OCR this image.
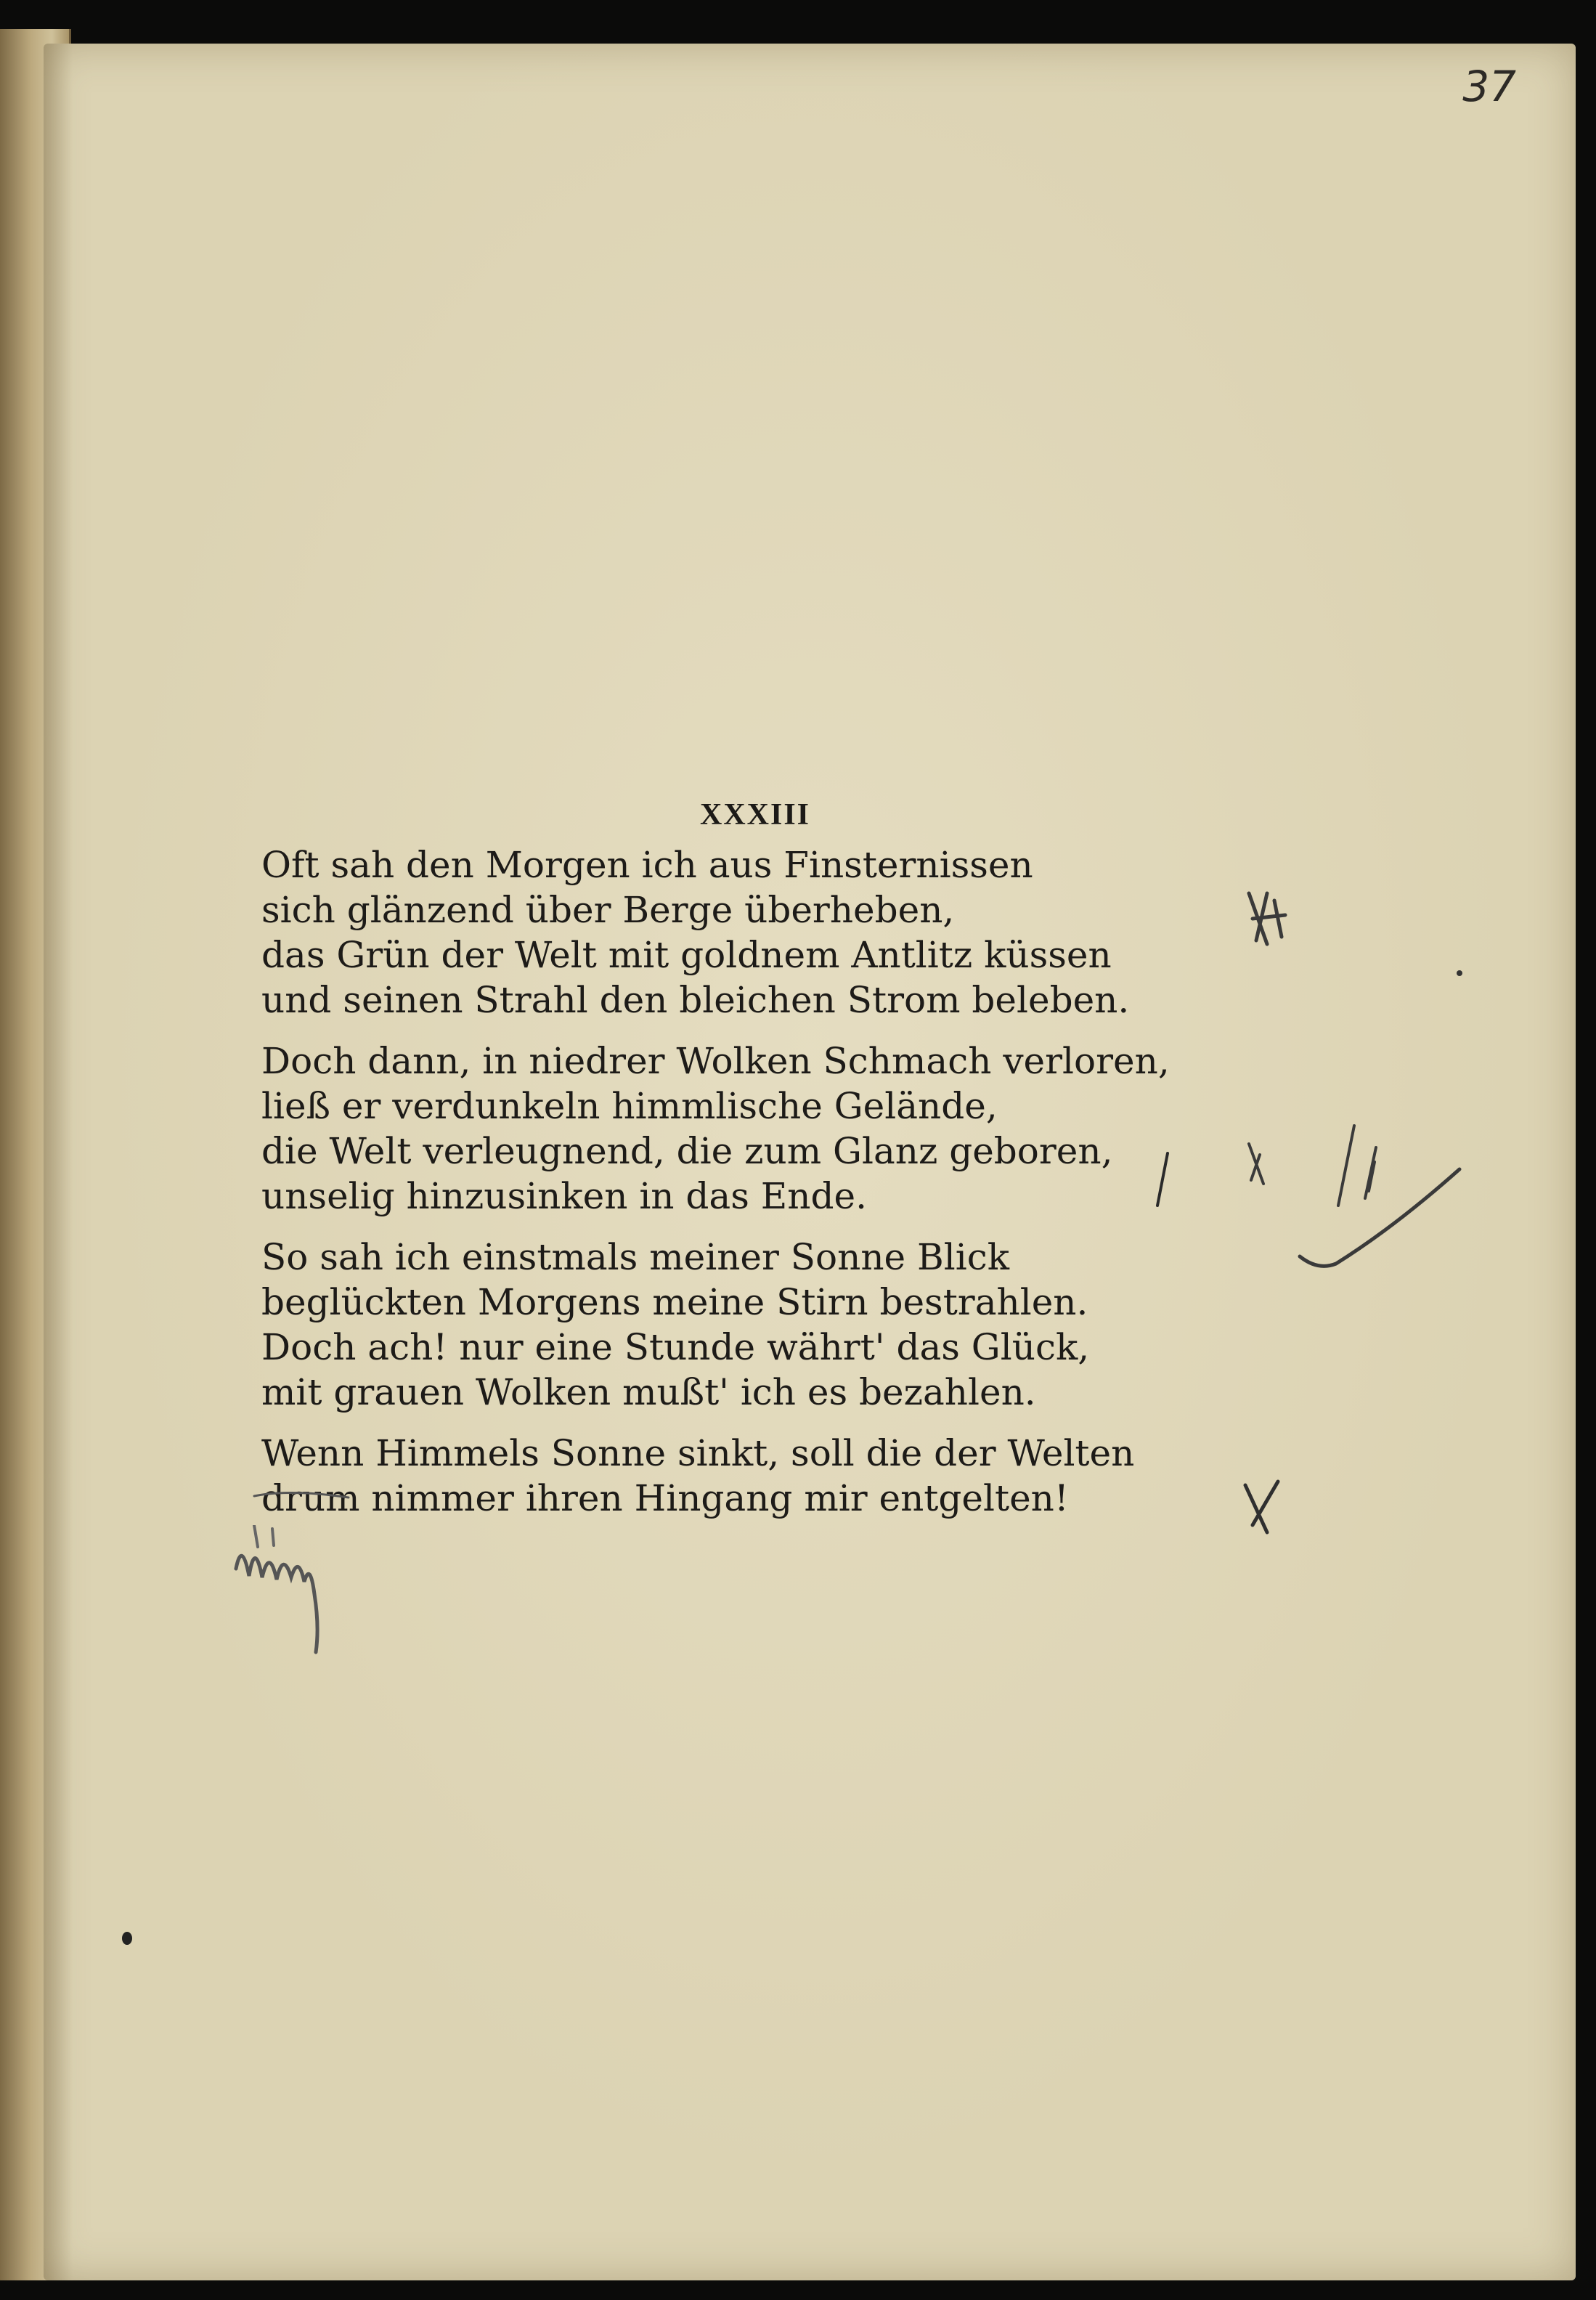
37
XXXIII
Oft sah den Morgen ich aus Finsternissen
sich glänzend über Berge überheben,
das Grün der Welt mit goldnem Antlitz küssen
und seinen Strahl den bleichen Strom beleben.
Doch dann, in niedrer Wolken Schmach verloren,
ließ er verdunkeln himmlische Gelände,
die Welt verleugnend, die zum Glanz geboren,
unselig hinzusinken in das Ende.
So sah ich einstmals meiner Sonne Blick
beglückten Morgens meine Stirn bestrahlen.
Doch ach! nur eine Stunde währt' das Glück,
mit grauen Wolken mußt' ich es bezahlen.
Wenn Himmels Sonne sinkt, soll die der Welten
drum nimmer ihren Hingang mir entgelten!
